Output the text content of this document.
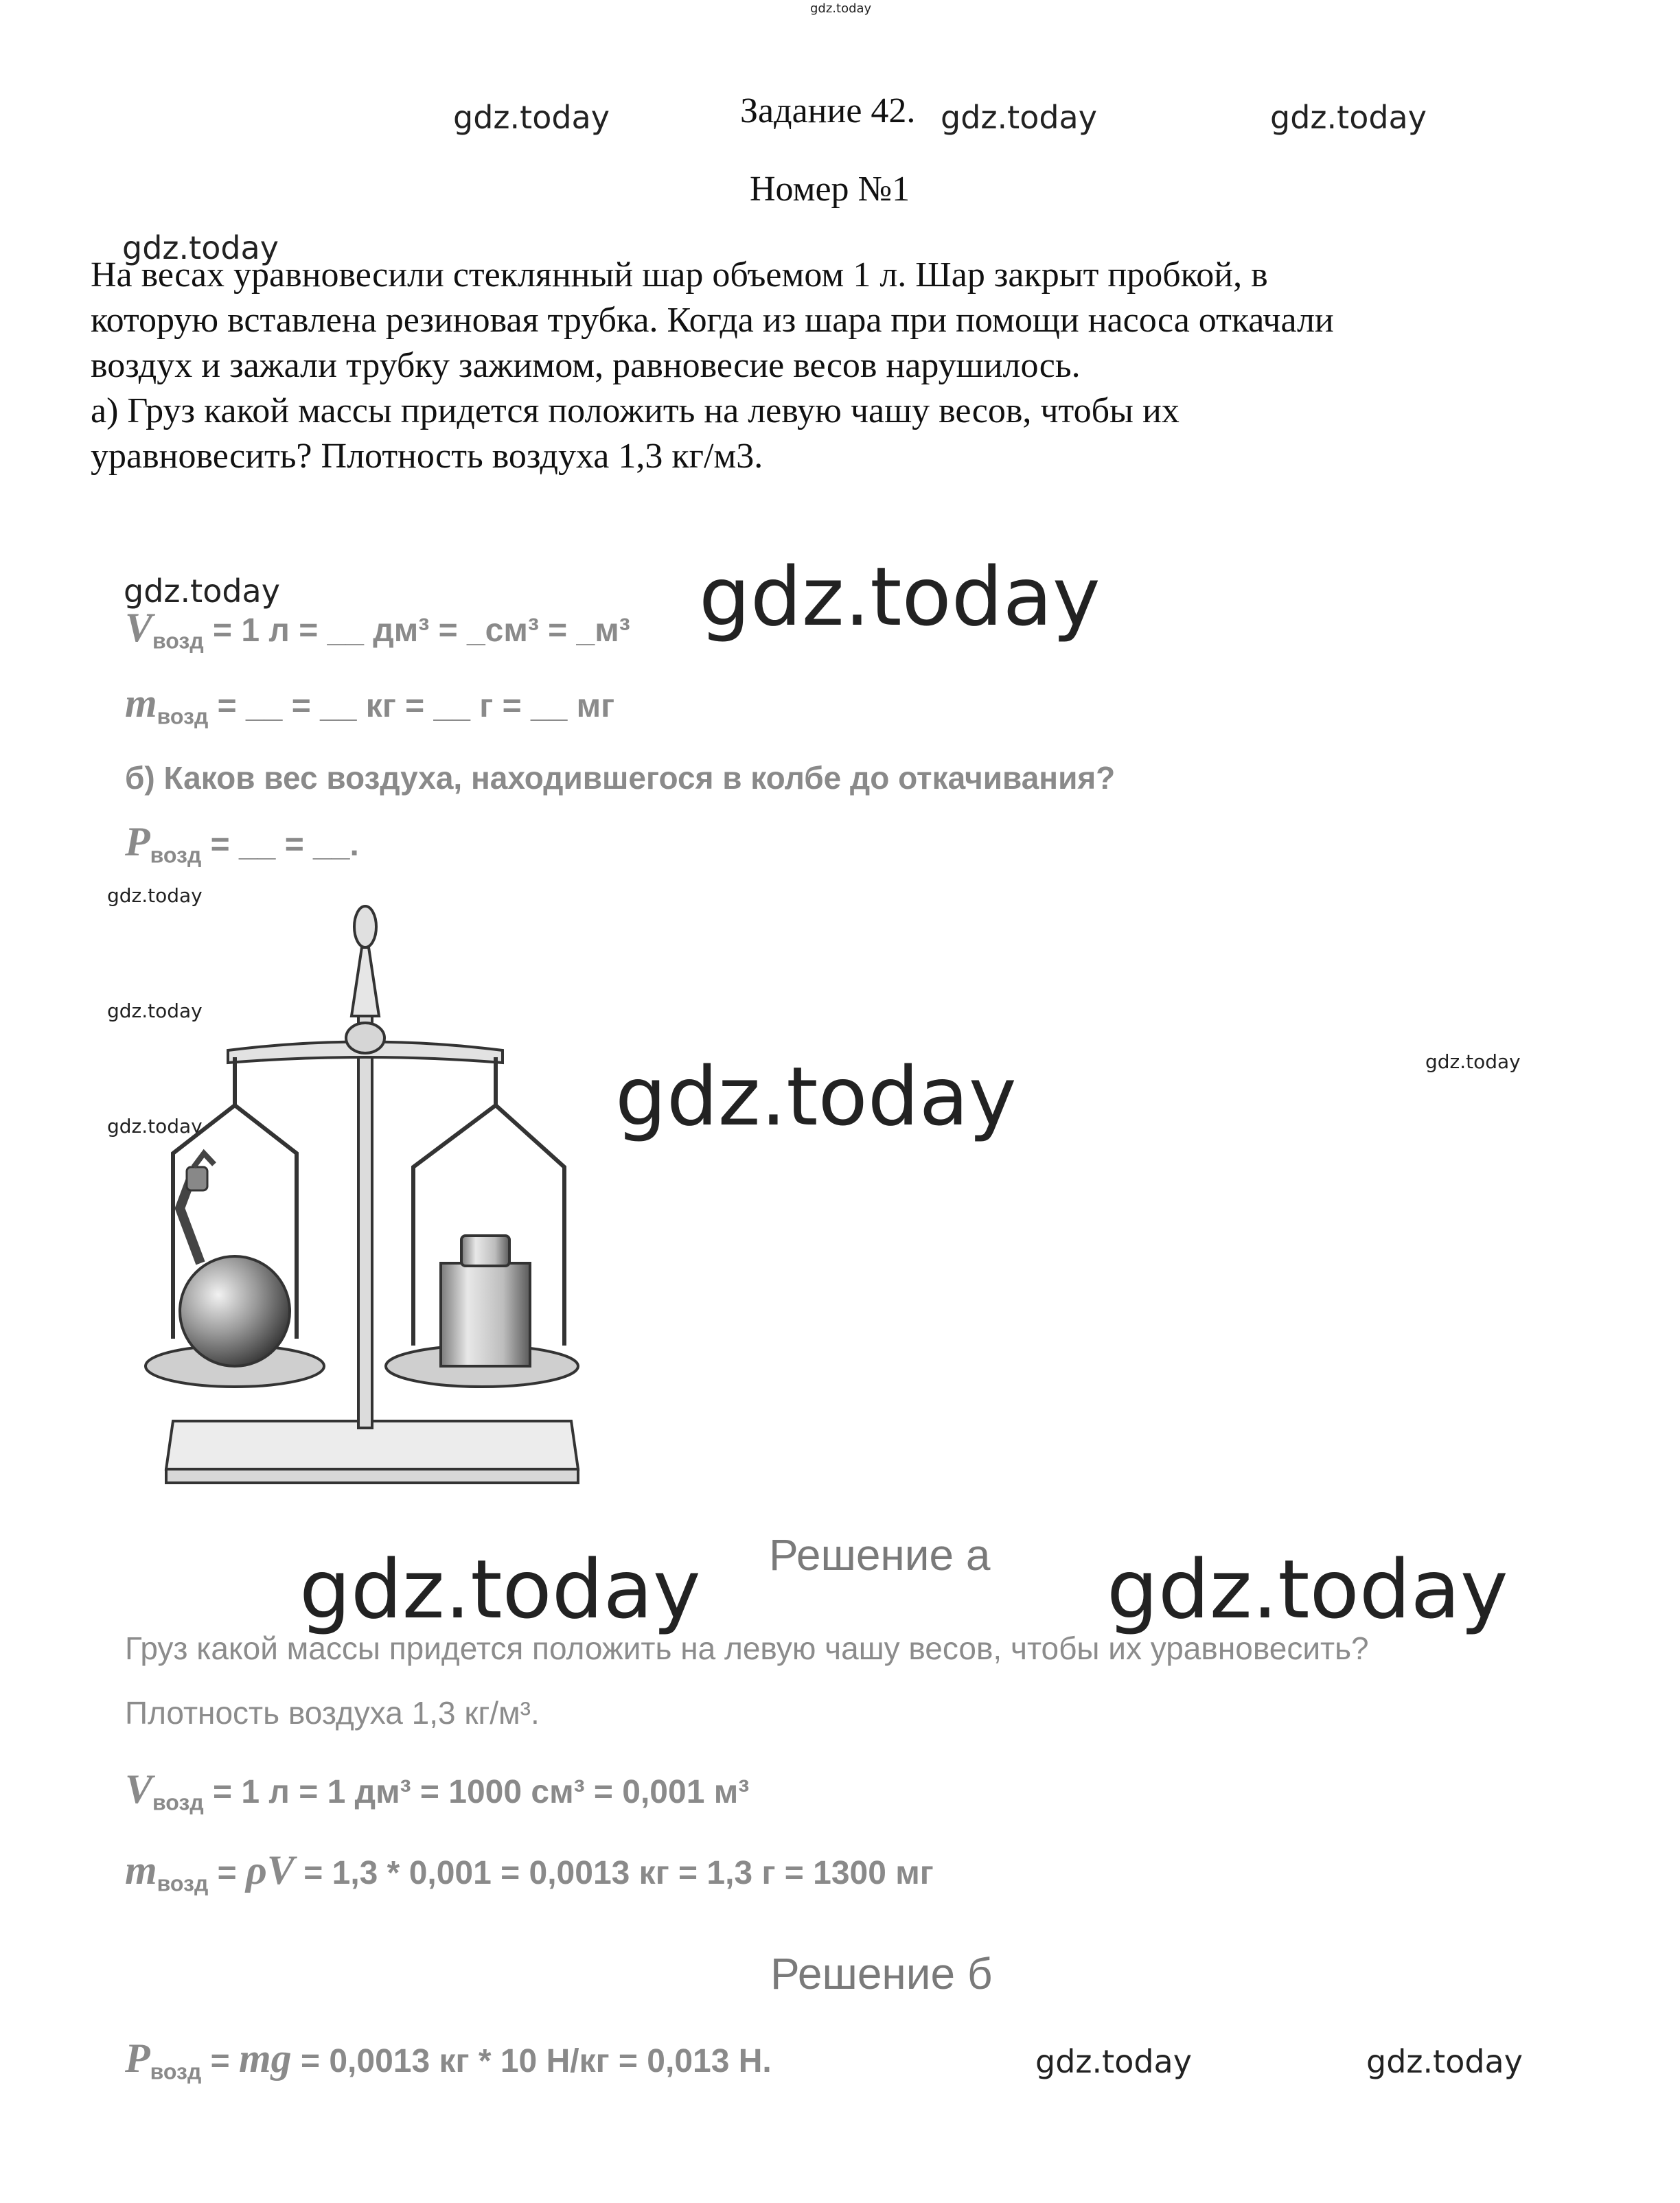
gdz.today
gdz.today	Задание 42. gdz.today	gdz.today
Номер №1
gdz.today
На весах уравновесили стеклянный шар объемом 1 л. Шар закрыт пробкой, в
которую вставлена резиновая трубка. Когда из шара при помощи насоса откачали
воздух и зажали трубку зажимом, равновесие весов нарушилось.
а) Груз какой массы придется положить на левую чашу весов, чтобы их
уравновесить? Плотность воздуха 1,3 кг/м3.
gdz.today	gdz.today
$V_{возд} = 1$ л = __ дм³ = _см³ = _м³
$m_{возд}$ = __ = __ кг = __ г = __ мг
б) Каков вес воздуха, находившегося в колбе до откачивания?
$P_{возд}$ = __ = __.
gdz.today
gdz.today
gdz.today
gdz.today
gdz.today
gdz.today Решение а gdz.today
Груз какой массы придется положить на левую чашу весов, чтобы их уравновесить?
Плотность воздуха 1,3 кг/м³.
$V_{возд} = 1$ л = 1 дм³ = 1000 см³ = 0,001 м³
$m_{возд} = \rho V = 1,3 * 0,001 = 0,0013$ кг = 1,3 г = 1300 мг
Решение б
$P_{возд}$ = mg = 0,0013 кг * 10 Н/кг = 0,013 Н.	gdz.today	gdz.today
